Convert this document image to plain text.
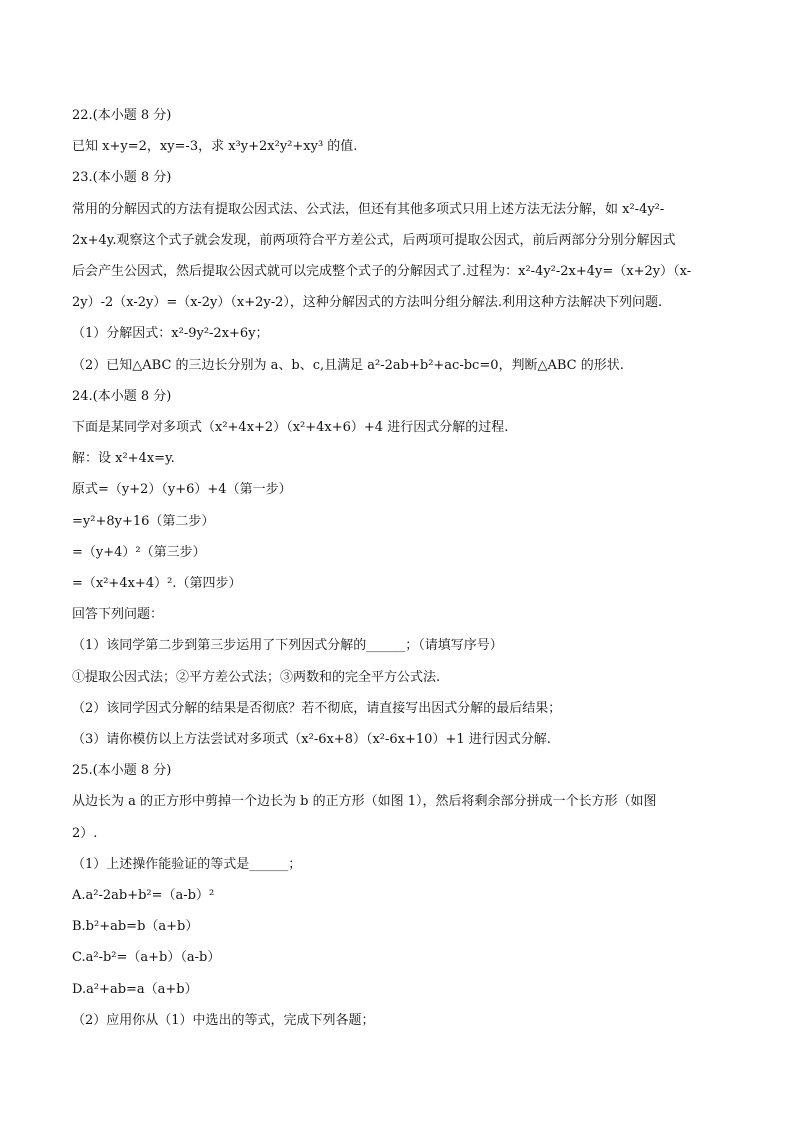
22.(本小题 8 分)
已知 x+y=2，xy=-3，求 x³y+2x²y²+xy³ 的值.
23.(本小题 8 分)
常用的分解因式的方法有提取公因式法、公式法，但还有其他多项式只用上述方法无法分解，如 x²-4y²-
2x+4y.观察这个式子就会发现，前两项符合平方差公式，后两项可提取公因式，前后两部分分别分解因式
后会产生公因式，然后提取公因式就可以完成整个式子的分解因式了.过程为：x²-4y²-2x+4y=（x+2y）（x-
2y）-2（x-2y）=（x-2y）（x+2y-2），这种分解因式的方法叫分组分解法.利用这种方法解决下列问题.
（1）分解因式：x²-9y²-2x+6y；
（2）已知△ABC 的三边长分别为 a、b、c,且满足 a²-2ab+b²+ac-bc=0，判断△ABC 的形状.
24.(本小题 8 分)
下面是某同学对多项式（x²+4x+2）（x²+4x+6）+4 进行因式分解的过程.
解：设 x²+4x=y.
原式=（y+2）（y+6）+4（第一步）
=y²+8y+16（第二步）
=（y+4）²（第三步）
=（x²+4x+4）².（第四步）
回答下列问题：
（1）该同学第二步到第三步运用了下列因式分解的______；（请填写序号）
①提取公因式法；②平方差公式法；③两数和的完全平方公式法.
（2）该同学因式分解的结果是否彻底？若不彻底，请直接写出因式分解的最后结果；
（3）请你模仿以上方法尝试对多项式（x²-6x+8）（x²-6x+10）+1 进行因式分解.
25.(本小题 8 分)
从边长为 a 的正方形中剪掉一个边长为 b 的正方形（如图 1），然后将剩余部分拼成一个长方形（如图
2）.
（1）上述操作能验证的等式是______；
A.a²-2ab+b²=（a-b）²
B.b²+ab=b（a+b）
C.a²-b²=（a+b）（a-b）
D.a²+ab=a（a+b）
（2）应用你从（1）中选出的等式，完成下列各题；
